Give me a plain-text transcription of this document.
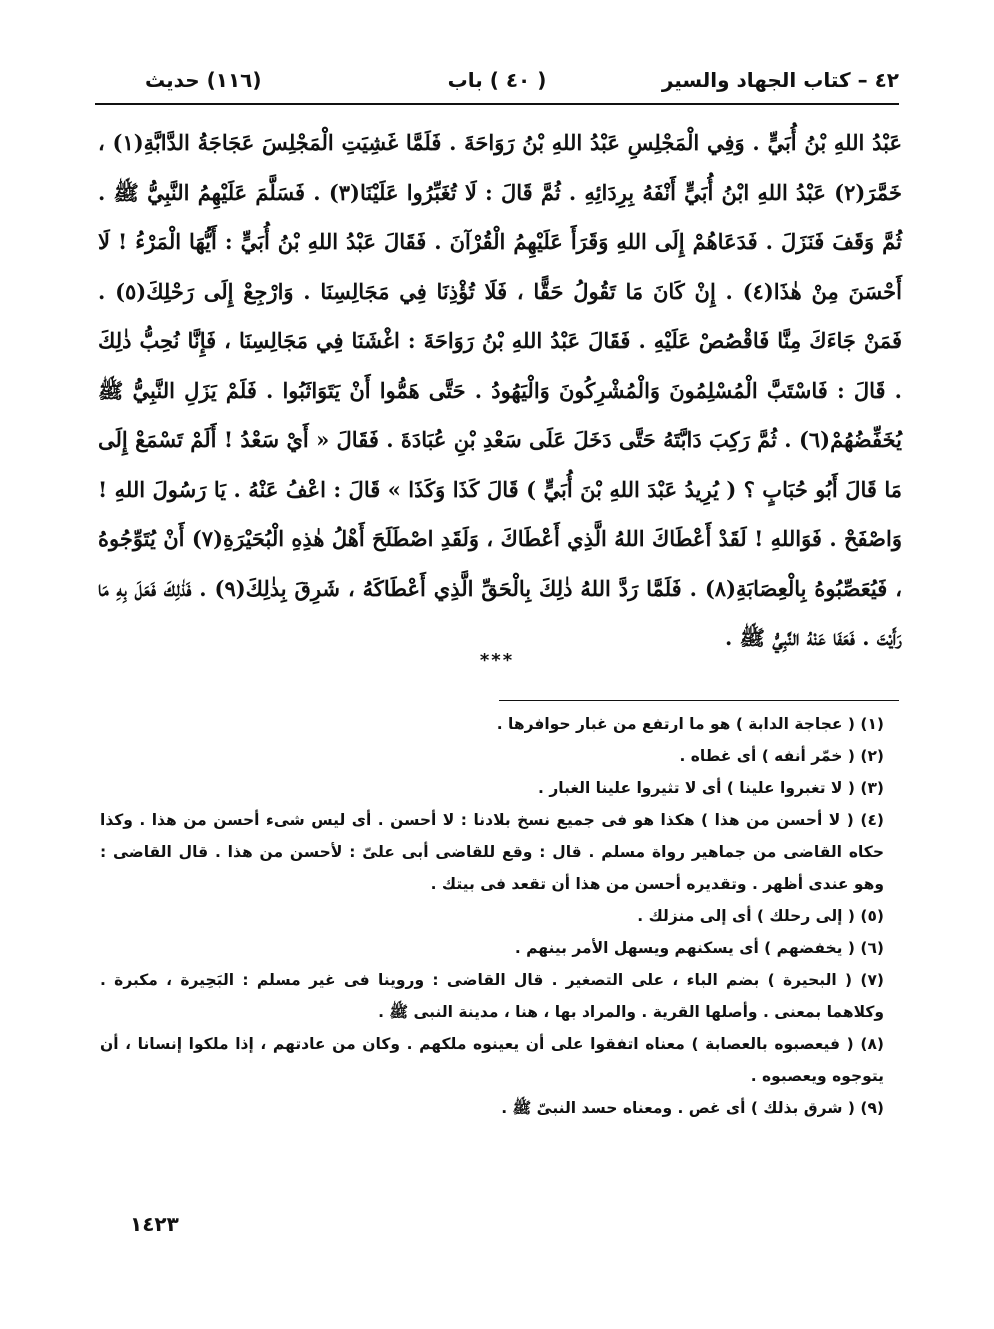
٤٢ – كتاب الجهاد والسير
( ٤٠ ) باب
(١١٦) حديث

عَبْدُ اللهِ بْنُ أُبَيٍّ . وَفِي الْمَجْلِسِ عَبْدُ اللهِ بْنُ رَوَاحَةَ . فَلَمَّا غَشِيَتِ الْمَجْلِسَ عَجَاجَةُ الدَّابَّةِ(١) ، خَمَّرَ(٢) عَبْدُ اللهِ ابْنُ أُبَيٍّ أَنْفَهُ بِرِدَائِهِ . ثُمَّ قَالَ : لَا تُغَبِّرُوا عَلَيْنَا(٣) . فَسَلَّمَ عَلَيْهِمُ النَّبِيُّ ﷺ . ثُمَّ وَقَفَ فَنَزَلَ . فَدَعَاهُمْ إِلَى اللهِ وَقَرَأَ عَلَيْهِمُ الْقُرْآنَ . فَقَالَ عَبْدُ اللهِ بْنُ أُبَيٍّ : أَيُّهَا الْمَرْءُ ! لَا أَحْسَنَ مِنْ هٰذَا(٤) . إِنْ كَانَ مَا تَقُولُ حَقًّا ، فَلَا تُؤْذِنَا فِي مَجَالِسِنَا . وَارْجِعْ إِلَى رَحْلِكَ(٥) . فَمَنْ جَاءَكَ مِنَّا فَاقْصُصْ عَلَيْهِ . فَقَالَ عَبْدُ اللهِ بْنُ رَوَاحَةَ : اغْشَنَا فِي مَجَالِسِنَا ، فَإِنَّا نُحِبُّ ذٰلِكَ . قَالَ : فَاسْتَبَّ الْمُسْلِمُونَ وَالْمُشْرِكُونَ وَالْيَهُودُ . حَتَّى هَمُّوا أَنْ يَتَوَاثَبُوا . فَلَمْ يَزَلِ النَّبِيُّ ﷺ يُخَفِّضُهُمْ(٦) . ثُمَّ رَكِبَ دَابَّتَهُ حَتَّى دَخَلَ عَلَى سَعْدِ بْنِ عُبَادَةَ . فَقَالَ « أَيْ سَعْدُ ! أَلَمْ تَسْمَعْ إِلَى مَا قَالَ أَبُو حُبَابٍ ؟ ( يُرِيدُ عَبْدَ اللهِ بْنَ أُبَيٍّ ) قَالَ كَذَا وَكَذَا » قَالَ : اعْفُ عَنْهُ . يَا رَسُولَ اللهِ ! وَاصْفَحْ . فَوَاللهِ ! لَقَدْ أَعْطَاكَ اللهُ الَّذِي أَعْطَاكَ ، وَلَقَدِ اصْطَلَحَ أَهْلُ هٰذِهِ الْبُحَيْرَةِ(٧) أَنْ يُتَوِّجُوهُ ، فَيُعَصِّبُوهُ بِالْعِصَابَةِ(٨) . فَلَمَّا رَدَّ اللهُ ذٰلِكَ بِالْحَقِّ الَّذِي أَعْطَاكَهُ ، شَرِقَ بِذٰلِكَ(٩) . فَذٰلِكَ فَعَلَ بِهِ مَا رَأَيْتَ . فَعَفَا عَنْهُ النَّبِيُّ ﷺ .

***
(١) ( عجاجة الدابة ) هو ما ارتفع من غبار حوافرها .
(٢) ( خمّر أنفه ) أى غطاه .
(٣) ( لا تغبروا علينا ) أى لا تثيروا علينا الغبار .
(٤) ( لا أحسن من هذا ) هكذا هو فى جميع نسخ بلادنا : لا أحسن . أى ليس شىء أحسن من هذا . وكذا حكاه القاضى من جماهير رواة مسلم . قال : وقع للقاضى أبى علىّ : لأحسن من هذا . قال القاضى : وهو عندى أظهر . وتقديره أحسن من هذا أن تقعد فى بيتك .
(٥) ( إلى رحلك ) أى إلى منزلك .
(٦) ( يخفضهم ) أى يسكنهم ويسهل الأمر بينهم .
(٧) ( البحيرة ) بضم الباء ، على التصغير . قال القاضى : وروينا فى غير مسلم : البَحِيرة ، مكبرة . وكلاهما بمعنى . وأصلها القرية . والمراد بها ، هنا ، مدينة النبى ﷺ .
(٨) ( فيعصبوه بالعصابة ) معناه اتفقوا على أن يعينوه ملكهم . وكان من عادتهم ، إذا ملكوا إنسانا ، أن يتوجوه ويعصبوه .
(٩) ( شرق بذلك ) أى غص . ومعناه حسد النبىّ ﷺ .
١٤٢٣
